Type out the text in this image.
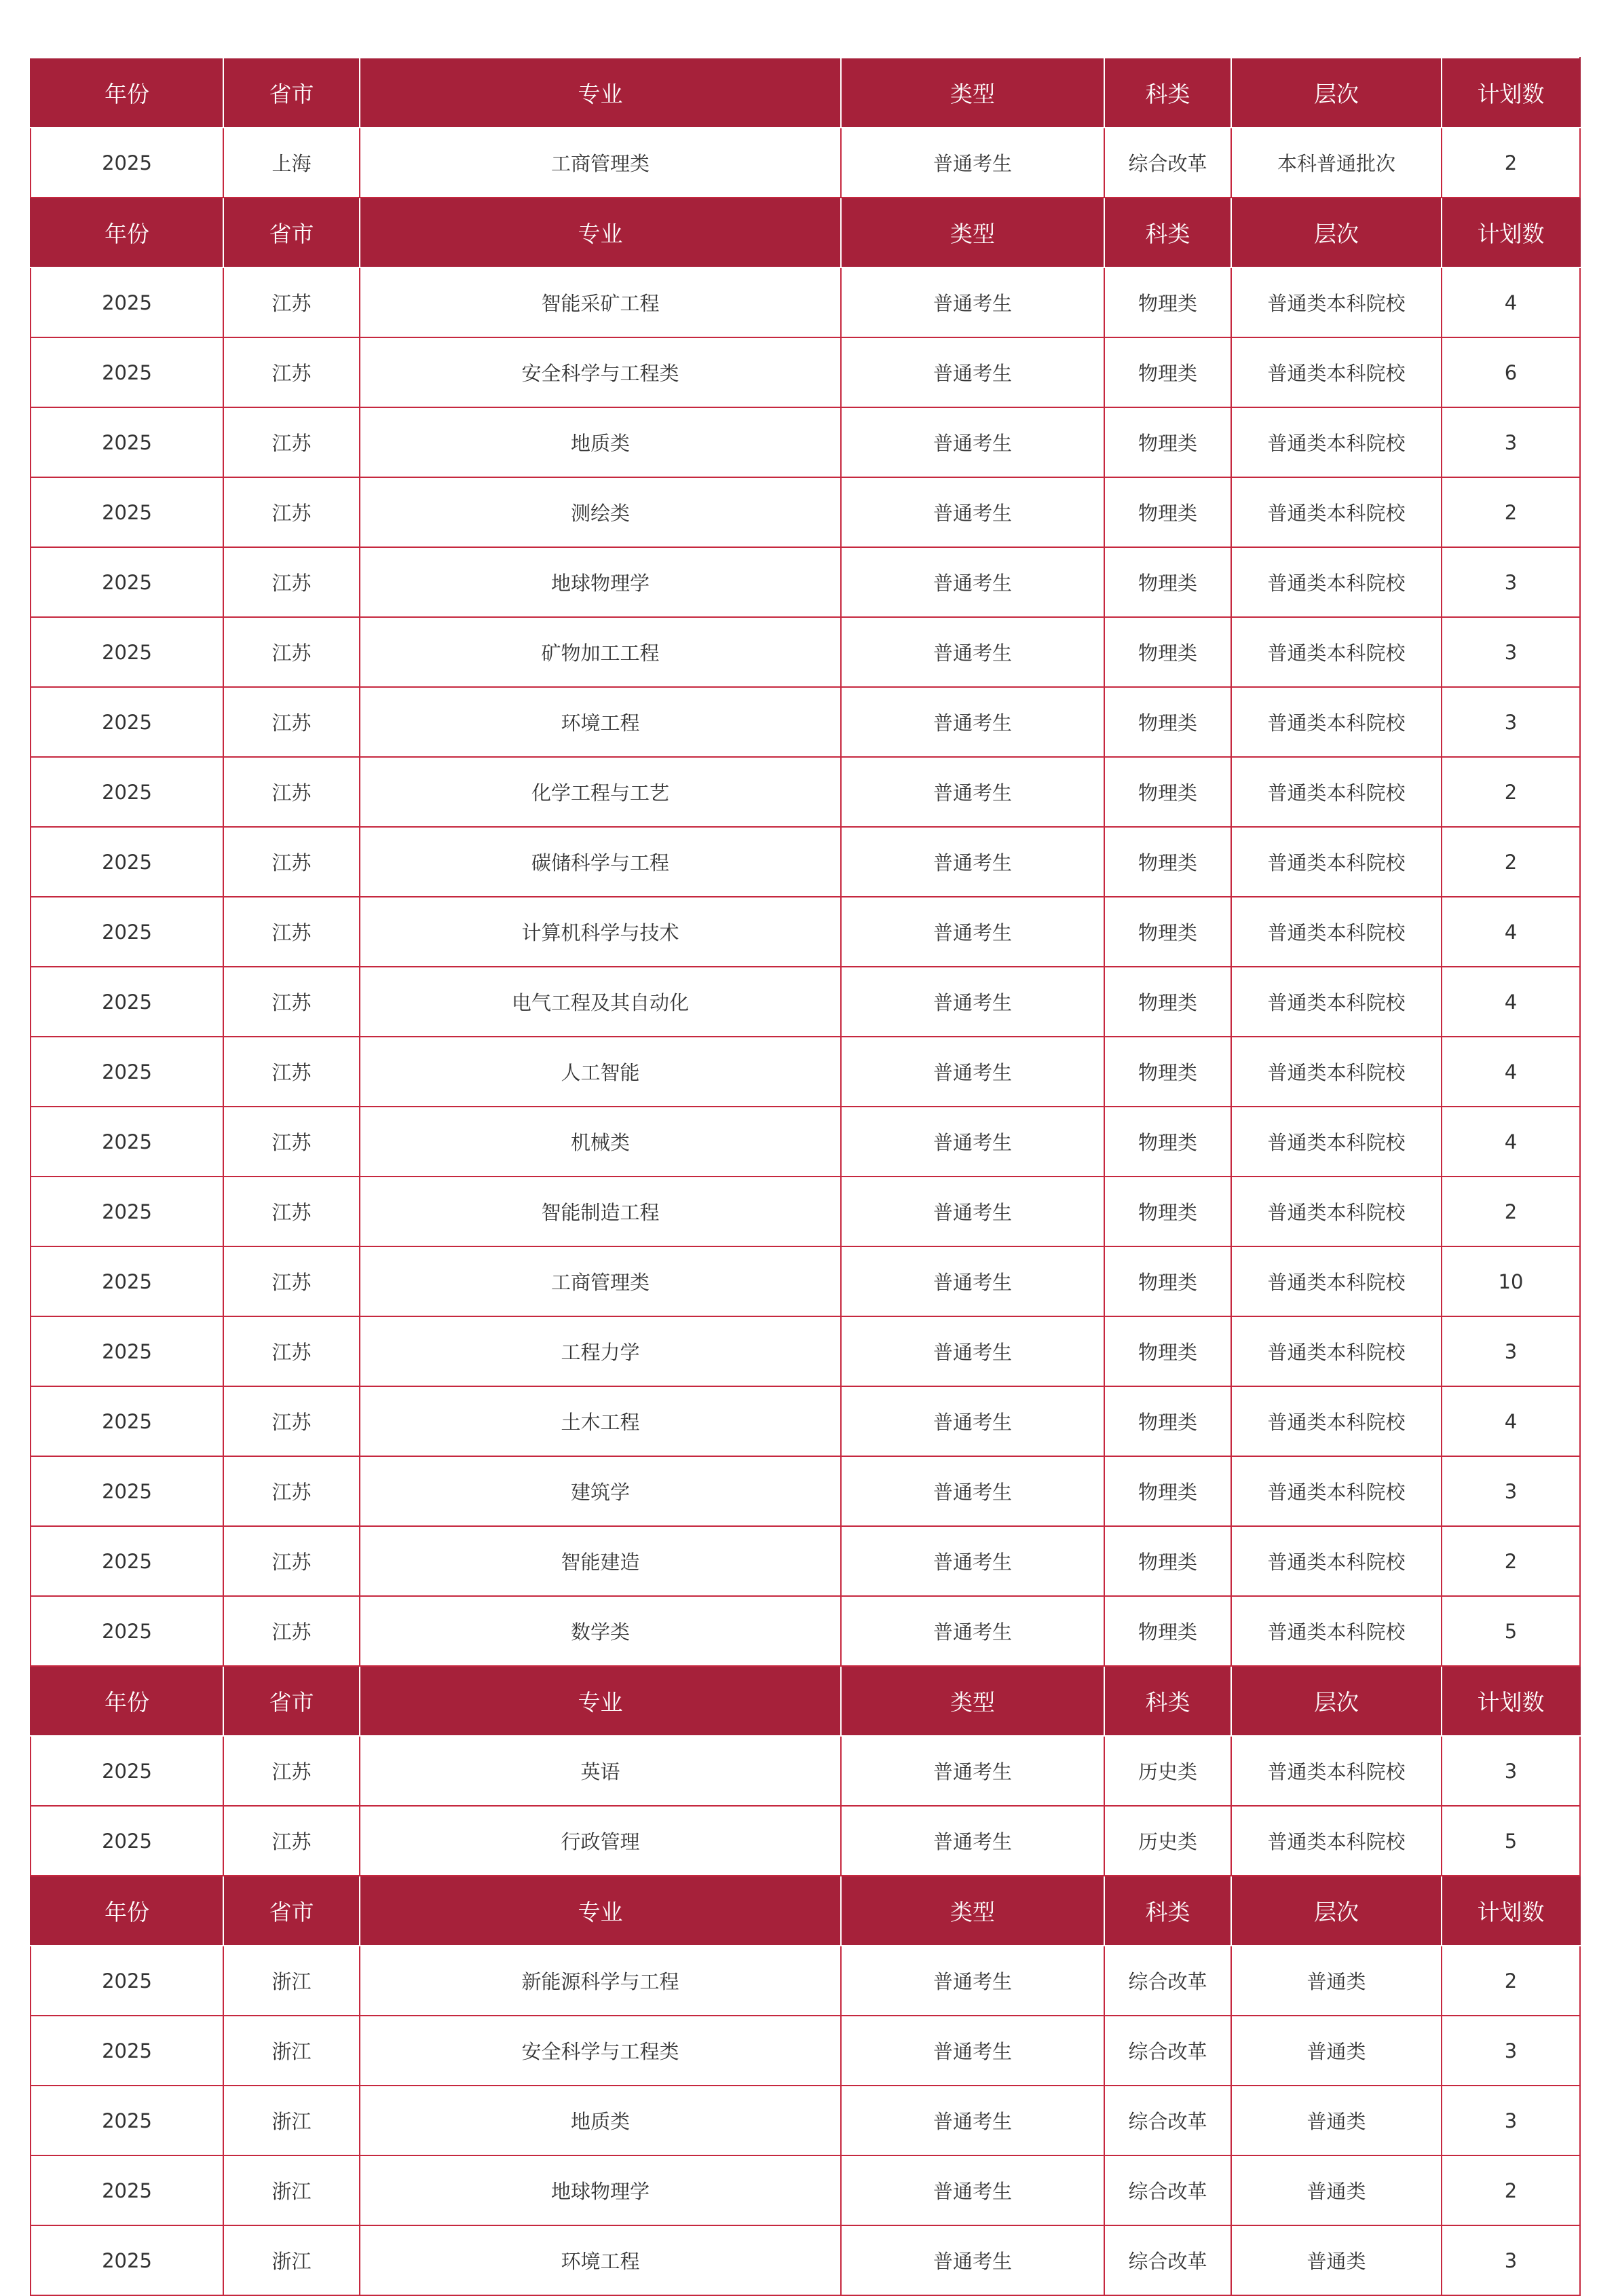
年份	省市	专业	类型	科类	层次	计划数
2025	上海	工商管理类	普通考生	综合改革	本科普通批次	2
年份	省市	专业	类型	科类	层次	计划数
2025	江苏	智能采矿工程	普通考生	物理类	普通类本科院校	4
2025	江苏	安全科学与工程类	普通考生	物理类	普通类本科院校	6
2025	江苏	地质类	普通考生	物理类	普通类本科院校	3
2025	江苏	测绘类	普通考生	物理类	普通类本科院校	2
2025	江苏	地球物理学	普通考生	物理类	普通类本科院校	3
2025	江苏	矿物加工工程	普通考生	物理类	普通类本科院校	3
2025	江苏	环境工程	普通考生	物理类	普通类本科院校	3
2025	江苏	化学工程与工艺	普通考生	物理类	普通类本科院校	2
2025	江苏	碳储科学与工程	普通考生	物理类	普通类本科院校	2
2025	江苏	计算机科学与技术	普通考生	物理类	普通类本科院校	4
2025	江苏	电气工程及其自动化	普通考生	物理类	普通类本科院校	4
2025	江苏	人工智能	普通考生	物理类	普通类本科院校	4
2025	江苏	机械类	普通考生	物理类	普通类本科院校	4
2025	江苏	智能制造工程	普通考生	物理类	普通类本科院校	2
2025	江苏	工商管理类	普通考生	物理类	普通类本科院校	10
2025	江苏	工程力学	普通考生	物理类	普通类本科院校	3
2025	江苏	土木工程	普通考生	物理类	普通类本科院校	4
2025	江苏	建筑学	普通考生	物理类	普通类本科院校	3
2025	江苏	智能建造	普通考生	物理类	普通类本科院校	2
2025	江苏	数学类	普通考生	物理类	普通类本科院校	5
年份	省市	专业	类型	科类	层次	计划数
2025	江苏	英语	普通考生	历史类	普通类本科院校	3
2025	江苏	行政管理	普通考生	历史类	普通类本科院校	5
年份	省市	专业	类型	科类	层次	计划数
2025	浙江	新能源科学与工程	普通考生	综合改革	普通类	2
2025	浙江	安全科学与工程类	普通考生	综合改革	普通类	3
2025	浙江	地质类	普通考生	综合改革	普通类	3
2025	浙江	地球物理学	普通考生	综合改革	普通类	2
2025	浙江	环境工程	普通考生	综合改革	普通类	3
